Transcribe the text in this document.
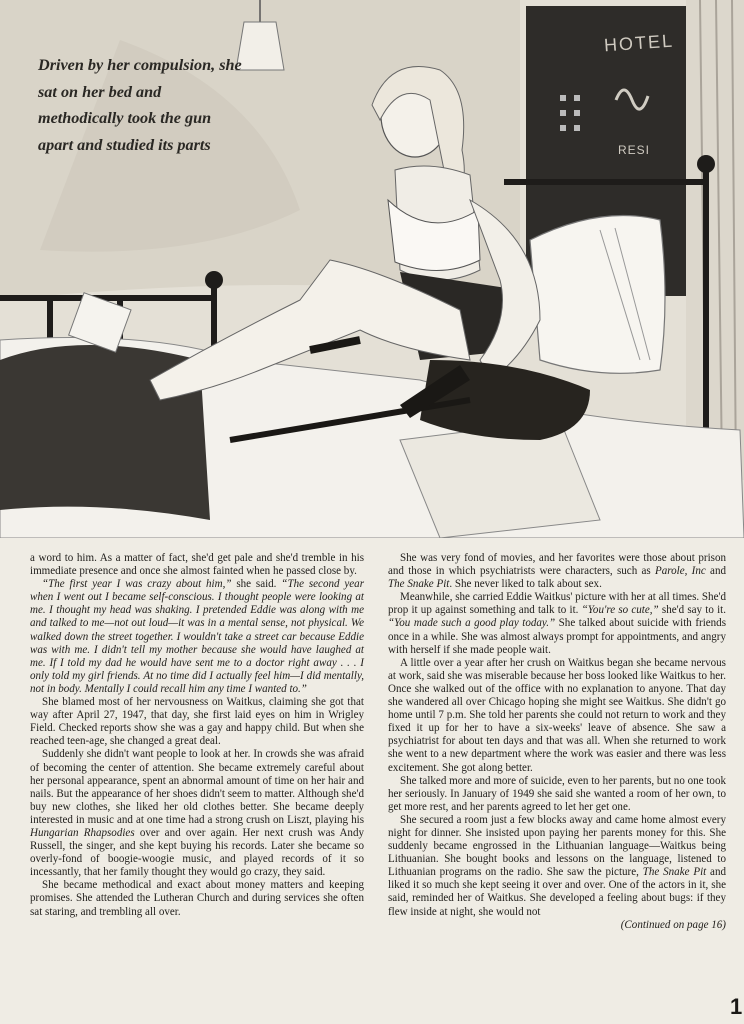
HOTEL
RESI
Driven by her compulsion, she sat on her bed and methodically took the gun apart and studied its parts

a word to him. As a matter of fact, she'd get pale and she'd tremble in his immediate presence and once she almost fainted when he passed close by.

“The first year I was crazy about him,” she said. “The second year when I went out I became self-conscious. I thought people were looking at me. I thought my head was shaking. I pretended Eddie was along with me and talked to me—not out loud—it was in a mental sense, not physical. We walked down the street together. I wouldn't take a street car because Eddie was with me. I didn't tell my mother because she would have laughed at me. If I told my dad he would have sent me to a doctor right away . . . I only told my girl friends. At no time did I actually feel him—I did mentally, not in body. Mentally I could recall him any time I wanted to.”

She blamed most of her nervousness on Waitkus, claiming she got that way after April 27, 1947, that day, she first laid eyes on him in Wrigley Field. Checked reports show she was a gay and happy child. But when she reached teen-age, she changed a great deal.

Suddenly she didn't want people to look at her. In crowds she was afraid of becoming the center of attention. She became extremely careful about her personal appearance, spent an abnormal amount of time on her hair and nails. But the appearance of her shoes didn't seem to matter. Although she'd buy new clothes, she liked her old clothes better. She became deeply interested in music and at one time had a strong crush on Liszt, playing his Hungarian Rhapsodies over and over again. Her next crush was Andy Russell, the singer, and she kept buying his records. Later she became so overly-fond of boogie-woogie music, and played records of it so incessantly, that her family thought they would go crazy, they said.

She became methodical and exact about money matters and keeping promises. She attended the Lutheran Church and during services she often sat staring, and trembling all over.

She was very fond of movies, and her favorites were those about prison and those in which psychiatrists were characters, such as Parole, Inc and The Snake Pit. She never liked to talk about sex.

Meanwhile, she carried Eddie Waitkus' picture with her at all times. She'd prop it up against something and talk to it. “You're so cute,” she'd say to it. “You made such a good play today.” She talked about suicide with friends once in a while. She was almost always prompt for appointments, and angry with herself if she made people wait.

A little over a year after her crush on Waitkus began she became nervous at work, said she was miserable because her boss looked like Waitkus to her. Once she walked out of the office with no explanation to anyone. That day she wandered all over Chicago hoping she might see Waitkus. She didn't go home until 7 p.m. She told her parents she could not return to work and they fixed it up for her to have a six-weeks' leave of absence. She saw a psychiatrist for about ten days and that was all. When she returned to work she went to a new department where the work was easier and there was less excitement. She got along better.

She talked more and more of suicide, even to her parents, but no one took her seriously. In January of 1949 she said she wanted a room of her own, to get more rest, and her parents agreed to let her get one.

She secured a room just a few blocks away and came home almost every night for dinner. She insisted upon paying her parents money for this. She suddenly became engrossed in the Lithuanian language—Waitkus being Lithuanian. She bought books and lessons on the language, listened to Lithuanian programs on the radio. She saw the picture, The Snake Pit and liked it so much she kept seeing it over and over. One of the actors in it, she said, reminded her of Waitkus. She developed a feeling about bugs: if they flew inside at night, she would not

(Continued on page 16)

1
